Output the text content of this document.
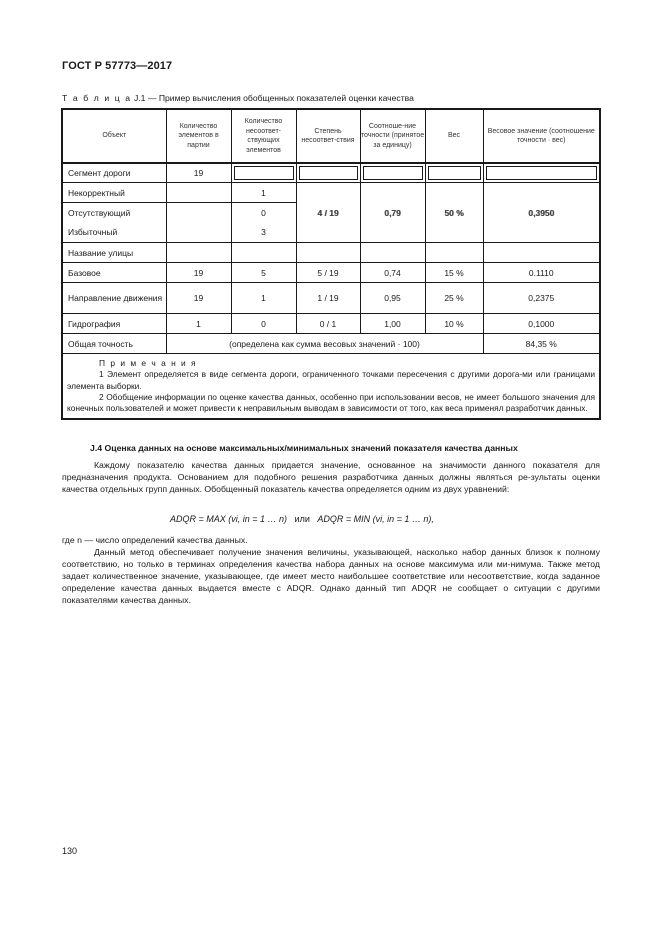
ГОСТ Р 57773—2017
Т а б л и ц а J.1 — Пример вычисления обобщенных показателей оценки качества
Объект	Количество элементов в партии	Количество несоответ-ствующих элементов	Степень несоответ-ствия	Соотноше-ние точности (принятое за единицу)	Вес	Весовое значение (соотношение точности · вес)
Сегмент дороги	19	

Некорректный		1	4 / 19	0,79	50 %	0,3950
Отсутствующий		0				
Избыточный		3				
Название улицы						
Базовое	19	5	5 / 19	0,74	15 %	0.1110
Направление движения	19	1	1 / 19	0,95	25 %	0,2375
Гидрография	1	0	0 / 1	1,00	10 %	0,1000
Общая точность	(определена как сумма весовых значений · 100)					84,35 %

П р и м е ч а н и я
1 Элемент определяется в виде сегмента дороги, ограниченного точками пересечения с другими дорога-ми или границами элемента выборки.
2 Обобщение информации по оценке качества данных, особенно при использовании весов, не имеет большого значения для конечных пользователей и может привести к неправильным выводам в зависимости от того, как веса применял разработчик данных.						
J.4 Оценка данных на основе максимальных/минимальных значений показателя качества данных
Каждому показателю качества данных придается значение, основанное на значимости данного показателя для предназначения продукта. Основанием для подобного решения разработчика данных должны являться ре-зультаты оценки качества отдельных групп данных. Обобщенный показатель качества определяется одним из двух уравнений:
ADQR = MAX (vi, in = 1 … n) или ADQR = MIN (vi, in = 1 … n),
где n — число определений качества данных.
Данный метод обеспечивает получение значения величины, указывающей, насколько набор данных близок к полному соответствию, но только в терминах определения качества набора данных на основе максимума или ми-нимума. Также метод задает количественное значение, указывающее, где имеет место наибольшее соответствие или несоответствие, когда заданное определение качества данных выдается вместе с ADQR. Однако данный тип ADQR не сообщает о ситуации с другими показателями качества данных.
130
